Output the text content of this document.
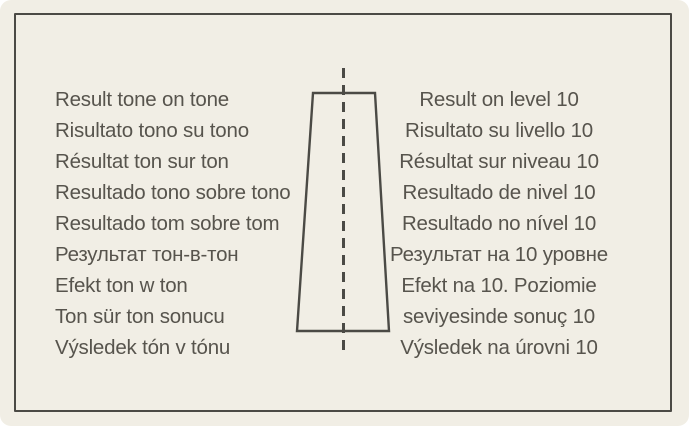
Result tone on tone
Risultato tono su tono
Résultat ton sur ton
Resultado tono sobre tono
Resultado tom sobre tom
Результат тон-в-тон
Efekt ton w ton
Ton sür ton sonucu
Výsledek tón v tónu
Result on level 10
Risultato su livello 10
Résultat sur niveau 10
Resultado de nivel 10
Resultado no nível 10
Результат на 10 уровне
Efekt na 10. Poziomie
seviyesinde sonuç 10
Výsledek na úrovni 10
